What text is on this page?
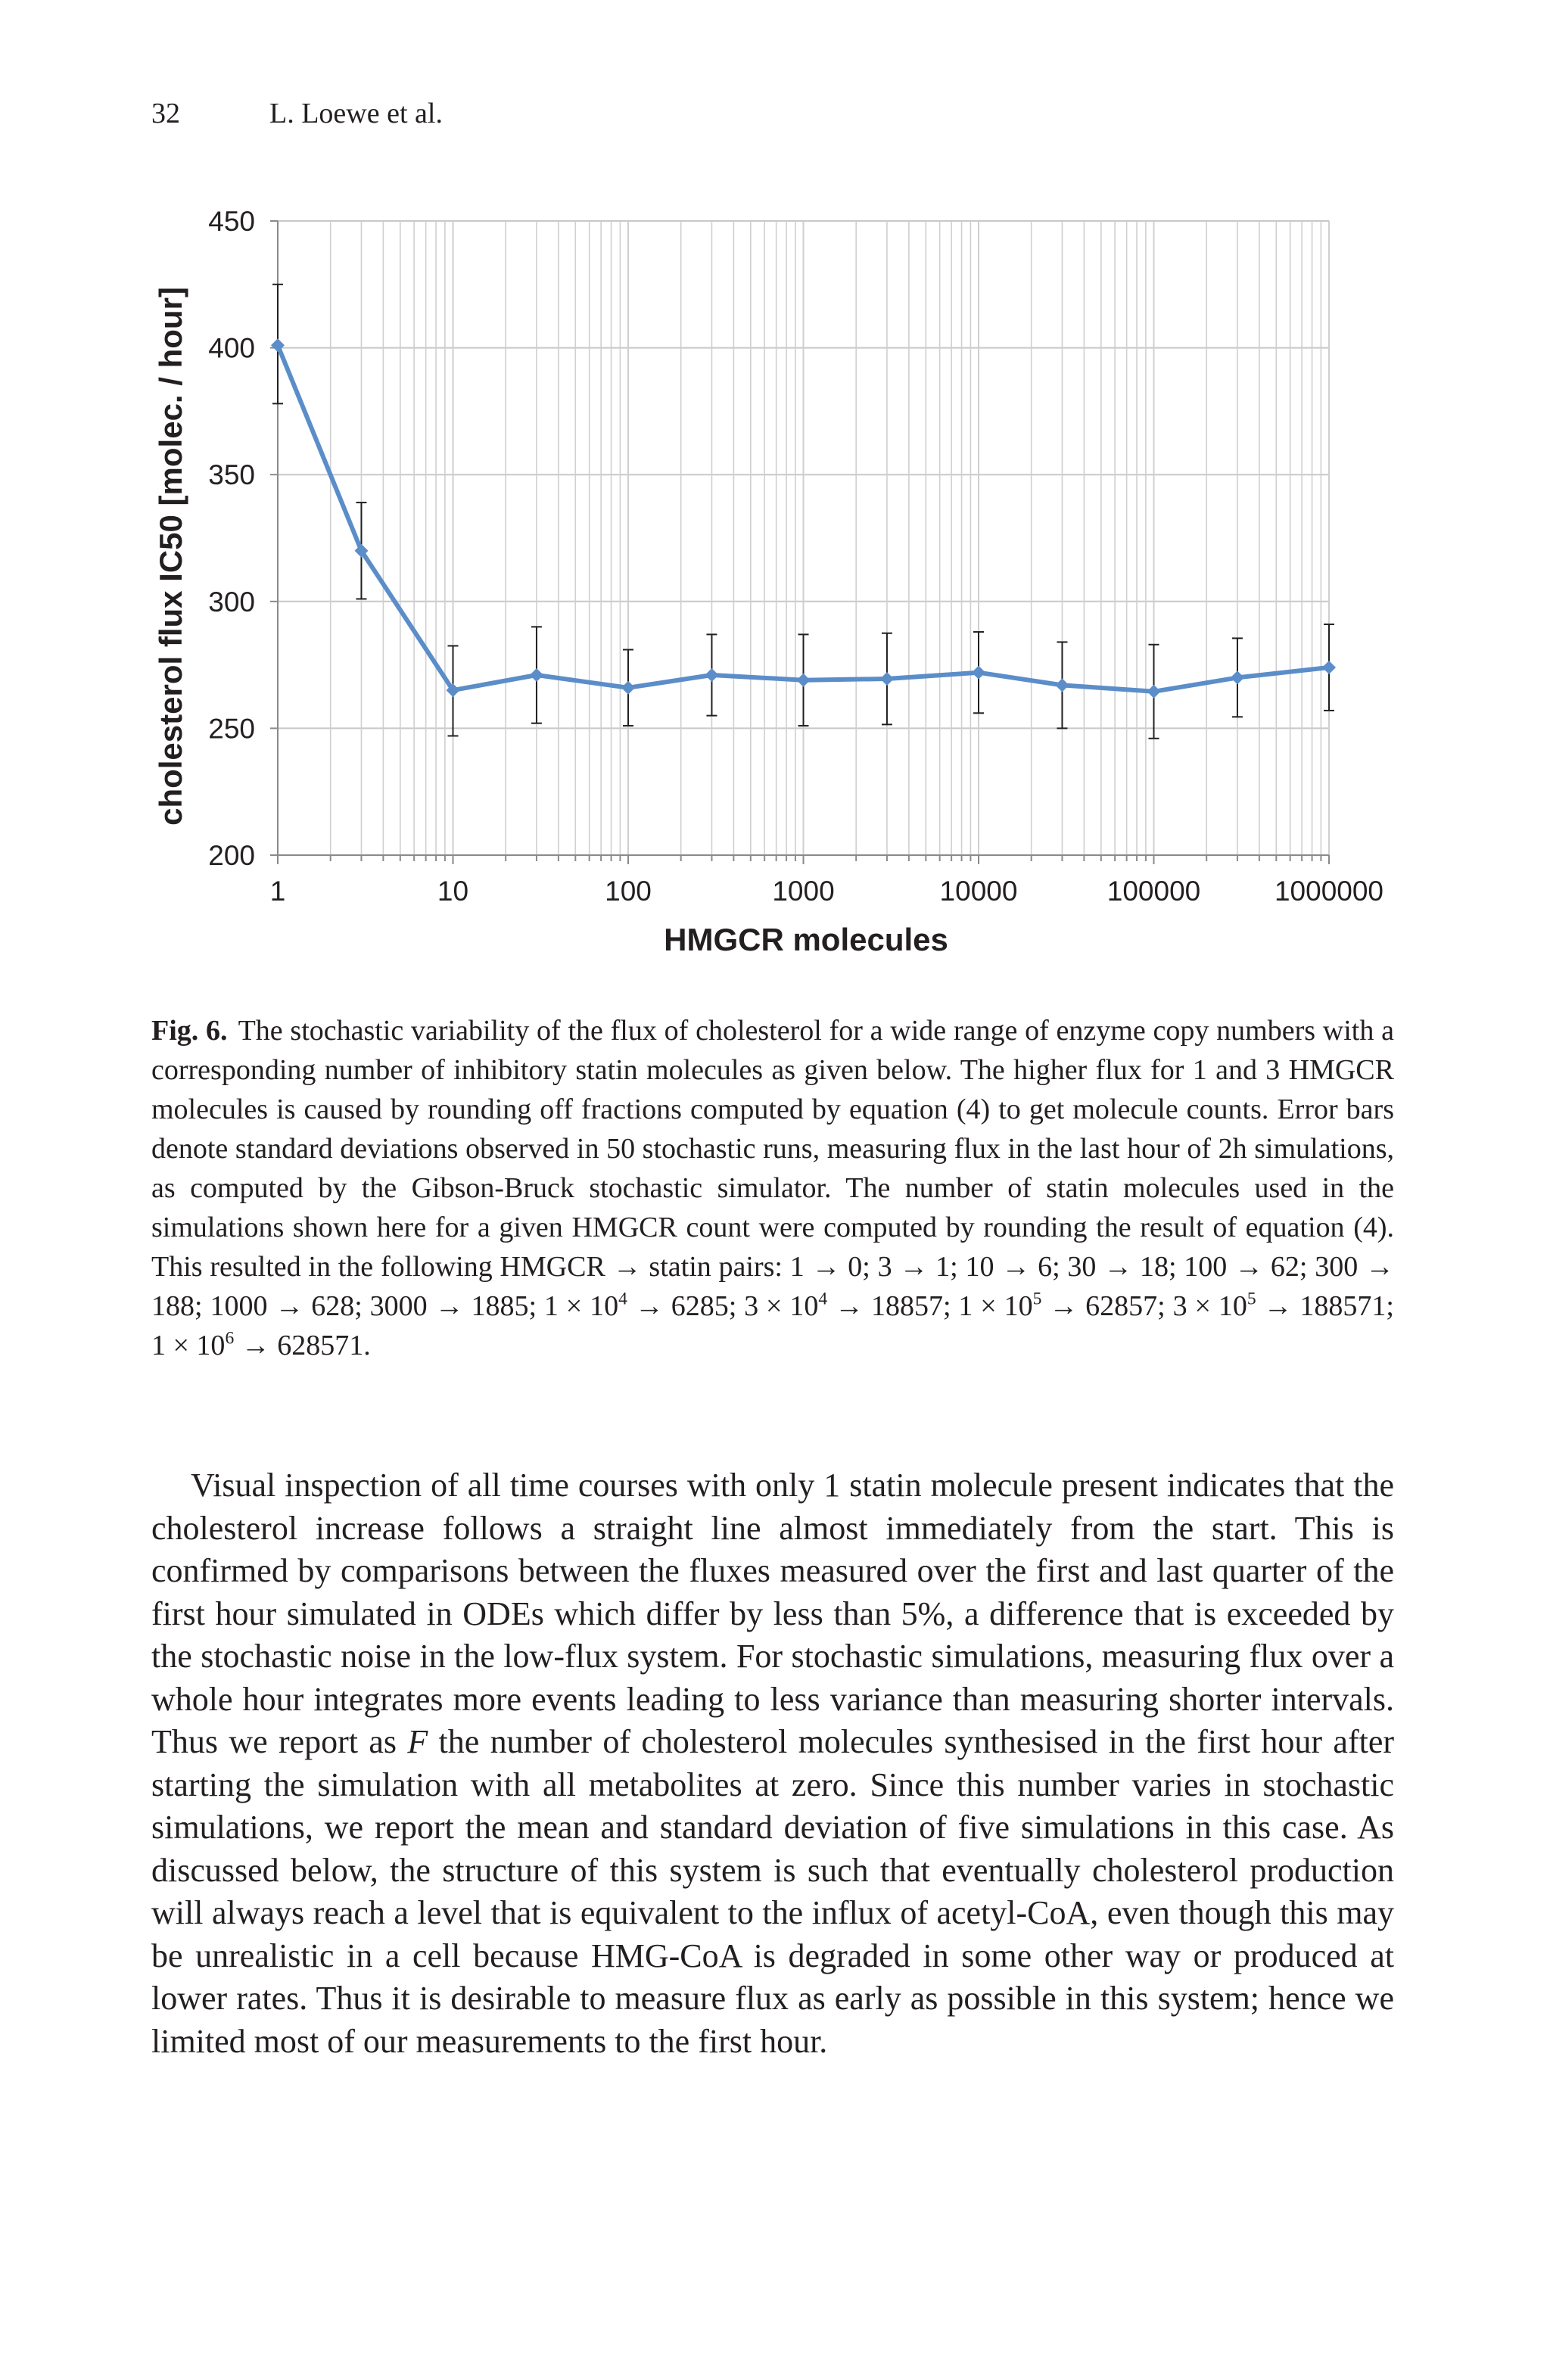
32	L. Loewe et al.
450
400
350
300
250
200
1	10	100	1000	10000	100000	1000000
HMGCR molecules
cholesterol flux IC50 [molec. / hour]
Fig. 6. The stochastic variability of the flux of cholesterol for a wide range of enzyme copy numbers with a corresponding number of inhibitory statin molecules as given below. The higher flux for 1 and 3 HMGCR molecules is caused by rounding off fractions computed by equation (4) to get molecule counts. Error bars denote standard deviations observed in 50 stochastic runs, measuring flux in the last hour of 2h simulations, as computed by the Gibson-Bruck stochastic simulator. The number of statin molecules used in the simulations shown here for a given HMGCR count were computed by rounding the result of equation (4). This resulted in the following HMGCR → statin pairs: 1 → 0; 3 → 1; 10 → 6; 30 → 18; 100 → 62; 300 → 188; 1000 → 628; 3000 → 1885; $1 \times 10^4 \to 6285$; $3 \times 10^4 \to 18857$; $1 \times 10^5 \to 62857$; $3 \times 10^5 \to 188571$; $1 \times 10^6 \to 628571$.

Visual inspection of all time courses with only 1 statin molecule present indicates that the cholesterol increase follows a straight line almost immediately from the start. This is confirmed by comparisons between the fluxes measured over the first and last quarter of the first hour simulated in ODEs which differ by less than 5%, a difference that is exceeded by the stochastic noise in the low-flux system. For stochastic simulations, measuring flux over a whole hour integrates more events leading to less variance than measuring shorter intervals. Thus we report as F the number of cholesterol molecules synthesised in the first hour after starting the simulation with all metabolites at zero. Since this number varies in stochastic simulations, we report the mean and standard deviation of five simulations in this case. As discussed below, the structure of this system is such that eventually cholesterol production will always reach a level that is equivalent to the influx of acetyl-CoA, even though this may be unrealistic in a cell because HMG-CoA is degraded in some other way or produced at lower rates. Thus it is desirable to measure flux as early as possible in this system; hence we limited most of our measurements to the first hour.
